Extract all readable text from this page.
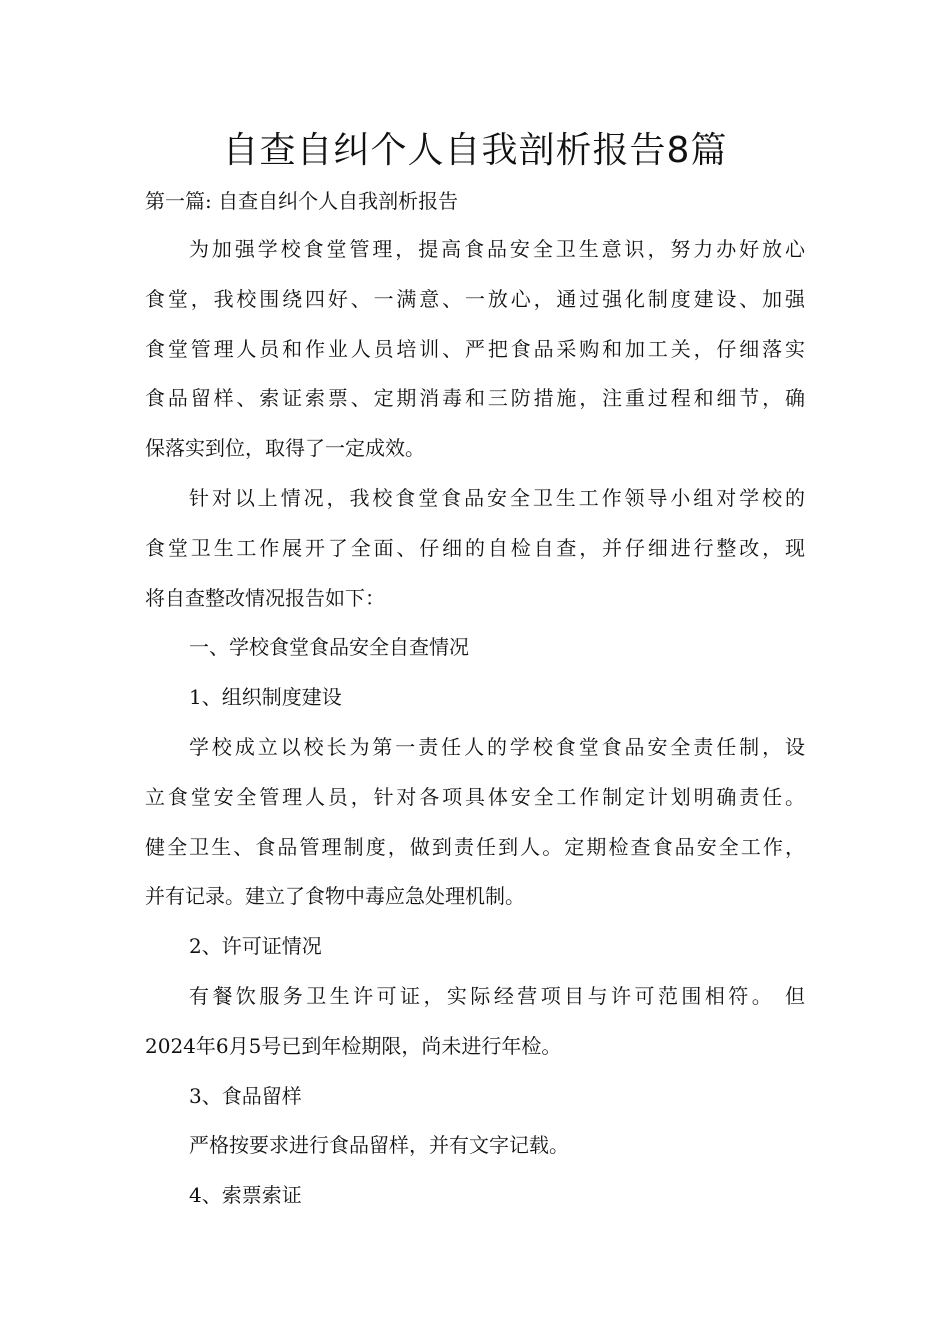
自查自纠个人自我剖析报告8篇
第一篇: 自查自纠个人自我剖析报告

为加强学校食堂管理，提高食品安全卫生意识，努力办好放心
食堂，我校围绕四好、一满意、一放心，通过强化制度建设、加强
食堂管理人员和作业人员培训、严把食品采购和加工关，仔细落实
食品留样、索证索票、定期消毒和三防措施，注重过程和细节，确
保落实到位，取得了一定成效。

针对以上情况，我校食堂食品安全卫生工作领导小组对学校的
食堂卫生工作展开了全面、仔细的自检自查，并仔细进行整改，现
将自查整改情况报告如下：

一、学校食堂食品安全自查情况

1、组织制度建设

学校成立以校长为第一责任人的学校食堂食品安全责任制，设
立食堂安全管理人员，针对各项具体安全工作制定计划明确责任。
健全卫生、食品管理制度，做到责任到人。定期检查食品安全工作，
并有记录。建立了食物中毒应急处理机制。

2、许可证情况

有餐饮服务卫生许可证，实际经营项目与许可范围相符。 但
2024年6月5号已到年检期限，尚未进行年检。

3、食品留样

严格按要求进行食品留样，并有文字记载。

4、索票索证
